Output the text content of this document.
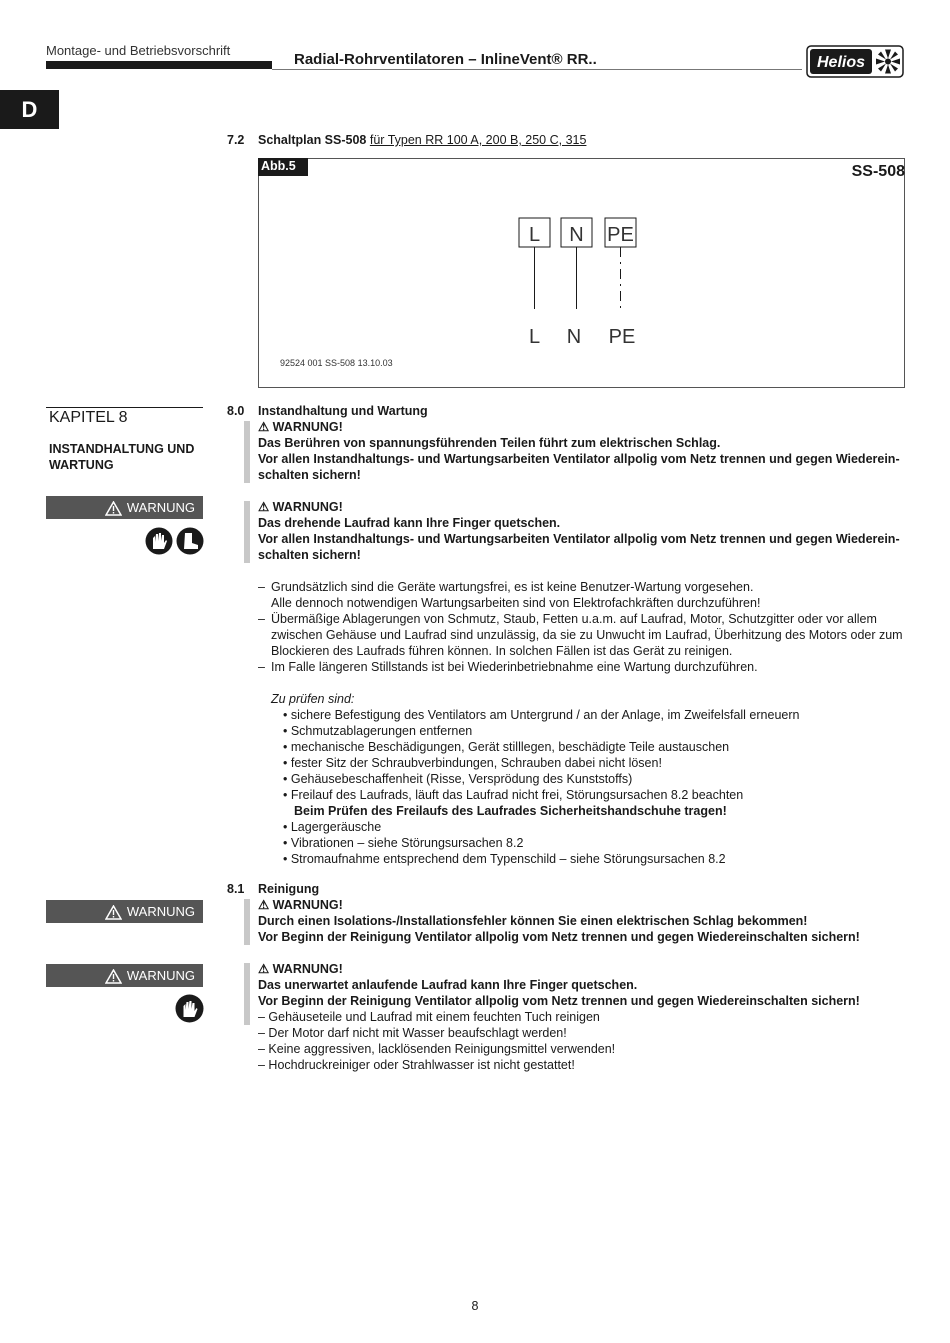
Montage- und Betriebsvorschrift
Radial-Rohrventilatoren – InlineVent® RR..	Helios
D
7.2 Schaltplan SS-508 für Typen RR 100 A, 200 B, 250 C, 315
Abb.5	SS-508
L N PE
L N PE
92524 001 SS-508 13.10.03
KAPITEL 8
INSTANDHALTUNG UND WARTUNG
WARNUNG
WARNUNG
WARNUNG
8.0 Instandhaltung und Wartung
⚠ WARNUNG!
Das Berühren von spannungsführenden Teilen führt zum elektrischen Schlag.
Vor allen Instandhaltungs- und Wartungsarbeiten Ventilator allpolig vom Netz trennen und gegen Wiederein-
schalten sichern!
⚠ WARNUNG!
Das drehende Laufrad kann Ihre Finger quetschen.
Vor allen Instandhaltungs- und Wartungsarbeiten Ventilator allpolig vom Netz trennen und gegen Wiederein-
schalten sichern!
– Grundsätzlich sind die Geräte wartungsfrei, es ist keine Benutzer-Wartung vorgesehen.
Alle dennoch notwendigen Wartungsarbeiten sind von Elektrofachkräften durchzuführen!
– Übermäßige Ablagerungen von Schmutz, Staub, Fetten u.a.m. auf Laufrad, Motor, Schutzgitter oder vor allem
zwischen Gehäuse und Laufrad sind unzulässig, da sie zu Unwucht im Laufrad, Überhitzung des Motors oder zum
Blockieren des Laufrads führen können. In solchen Fällen ist das Gerät zu reinigen.
– Im Falle längeren Stillstands ist bei Wiederinbetriebnahme eine Wartung durchzuführen.
Zu prüfen sind:
• sichere Befestigung des Ventilators am Untergrund / an der Anlage, im Zweifelsfall erneuern
• Schmutzablagerungen entfernen
• mechanische Beschädigungen, Gerät stilllegen, beschädigte Teile austauschen
• fester Sitz der Schraubverbindungen, Schrauben dabei nicht lösen!
• Gehäusebeschaffenheit (Risse, Versprödung des Kunststoffs)
• Freilauf des Laufrads, läuft das Laufrad nicht frei, Störungsursachen 8.2 beachten
Beim Prüfen des Freilaufs des Laufrades Sicherheitshandschuhe tragen!
• Lagergeräusche
• Vibrationen – siehe Störungsursachen 8.2
• Stromaufnahme entsprechend dem Typenschild – siehe Störungsursachen 8.2
8.1 Reinigung
⚠ WARNUNG!
Durch einen Isolations-/Installationsfehler können Sie einen elektrischen Schlag bekommen!
Vor Beginn der Reinigung Ventilator allpolig vom Netz trennen und gegen Wiedereinschalten sichern!
⚠ WARNUNG!
Das unerwartet anlaufende Laufrad kann Ihre Finger quetschen.
Vor Beginn der Reinigung Ventilator allpolig vom Netz trennen und gegen Wiedereinschalten sichern!
– Gehäuseteile und Laufrad mit einem feuchten Tuch reinigen
– Der Motor darf nicht mit Wasser beaufschlagt werden!
– Keine aggressiven, lacklösenden Reinigungsmittel verwenden!
– Hochdruckreiniger oder Strahlwasser ist nicht gestattet!
8
